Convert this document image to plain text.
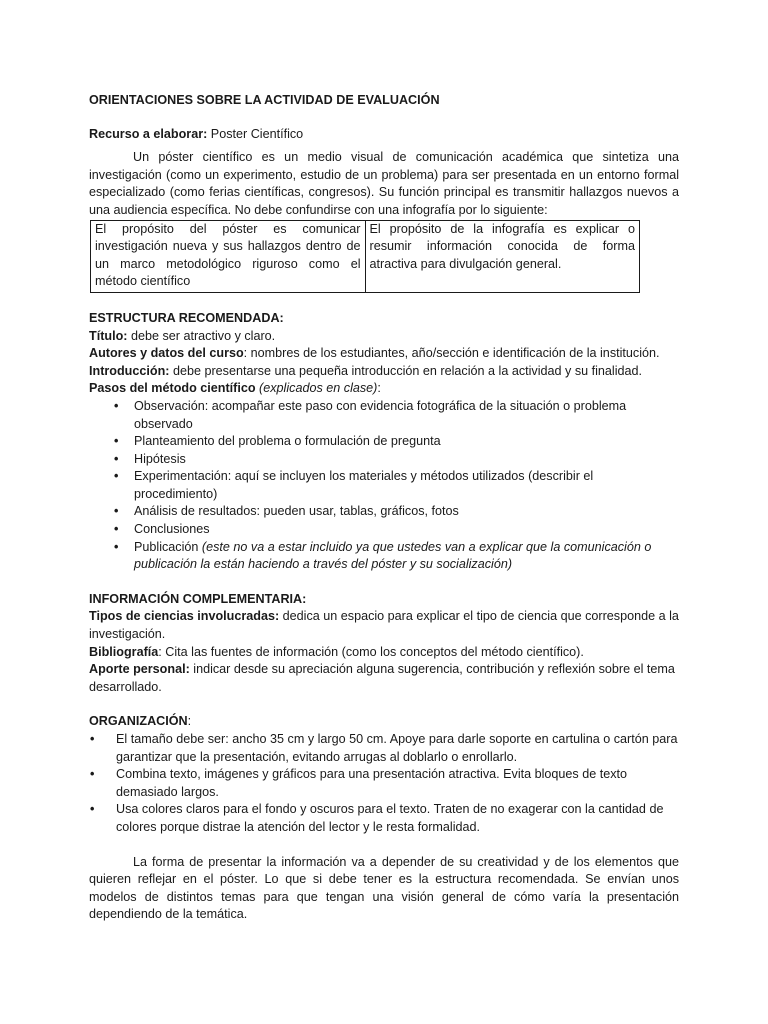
ORIENTACIONES SOBRE LA ACTIVIDAD DE EVALUACIÓN

Recurso a elaborar: Poster Científico

Un póster científico es un medio visual de comunicación académica que sintetiza una investigación (como un experimento, estudio de un problema) para ser presentada en un entorno formal especializado (como ferias científicas, congresos). Su función principal es transmitir hallazgos nuevos a una audiencia específica. No debe confundirse con una infografía por lo siguiente:

El propósito del póster es comunicar investigación nueva y sus hallazgos dentro de un marco metodológico riguroso como el método científico	El propósito de la infografía es explicar o resumir información conocida de forma atractiva para divulgación general.

ESTRUCTURA RECOMENDADA:

Título: debe ser atractivo y claro.

Autores y datos del curso: nombres de los estudiantes, año/sección e identificación de la institución.

Introducción: debe presentarse una pequeña introducción en relación a la actividad y su finalidad.

Pasos del método científico (explicados en clase):

• Observación: acompañar este paso con evidencia fotográfica de la situación o problema observado
• Planteamiento del problema o formulación de pregunta
• Hipótesis
• Experimentación: aquí se incluyen los materiales y métodos utilizados (describir el procedimiento)
• Análisis de resultados: pueden usar, tablas, gráficos, fotos
• Conclusiones
• Publicación (este no va a estar incluido ya que ustedes van a explicar que la comunicación o publicación la están haciendo a través del póster y su socialización)

INFORMACIÓN COMPLEMENTARIA:

Tipos de ciencias involucradas: dedica un espacio para explicar el tipo de ciencia que corresponde a la investigación.

Bibliografía: Cita las fuentes de información (como los conceptos del método científico).

Aporte personal: indicar desde su apreciación alguna sugerencia, contribución y reflexión sobre el tema desarrollado.

ORGANIZACIÓN:

• El tamaño debe ser: ancho 35 cm y largo 50 cm. Apoye para darle soporte en cartulina o cartón para garantizar que la presentación, evitando arrugas al doblarlo o enrollarlo.
• Combina texto, imágenes y gráficos para una presentación atractiva. Evita bloques de texto demasiado largos.
• Usa colores claros para el fondo y oscuros para el texto. Traten de no exagerar con la cantidad de colores porque distrae la atención del lector y le resta formalidad.

La forma de presentar la información va a depender de su creatividad y de los elementos que quieren reflejar en el póster. Lo que si debe tener es la estructura recomendada. Se envían unos modelos de distintos temas para que tengan una visión general de cómo varía la presentación dependiendo de la temática.
